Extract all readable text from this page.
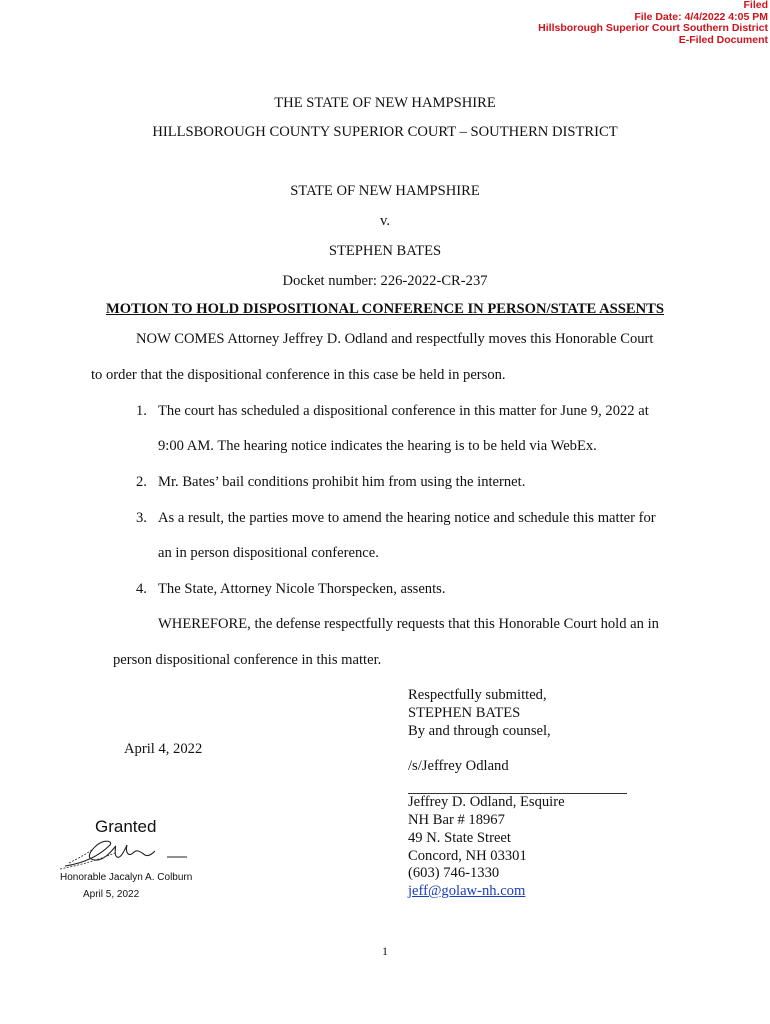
Filed
File Date: 4/4/2022 4:05 PM
Hillsborough Superior Court Southern District
E-Filed Document
THE STATE OF NEW HAMPSHIRE
HILLSBOROUGH COUNTY SUPERIOR COURT – SOUTHERN DISTRICT
STATE OF NEW HAMPSHIRE
v.
STEPHEN BATES
Docket number: 226-2022-CR-237
MOTION TO HOLD DISPOSITIONAL CONFERENCE IN PERSON/STATE ASSENTS
NOW COMES Attorney Jeffrey D. Odland and respectfully moves this Honorable Court
to order that the dispositional conference in this case be held in person.
1. The court has scheduled a dispositional conference in this matter for June 9, 2022 at
9:00 AM. The hearing notice indicates the hearing is to be held via WebEx.
2. Mr. Bates’ bail conditions prohibit him from using the internet.
3. As a result, the parties move to amend the hearing notice and schedule this matter for
an in person dispositional conference.
4. The State, Attorney Nicole Thorspecken, assents.
WHEREFORE, the defense respectfully requests that this Honorable Court hold an in
person dispositional conference in this matter.
April 4, 2022
Respectfully submitted,
STEPHEN BATES
By and through counsel,
/s/Jeffrey Odland
Jeffrey D. Odland, Esquire
NH Bar # 18967
49 N. State Street
Concord, NH 03301
(603) 746-1330
jeff@golaw-nh.com
Granted
Honorable Jacalyn A. Colburn
April 5, 2022
1
